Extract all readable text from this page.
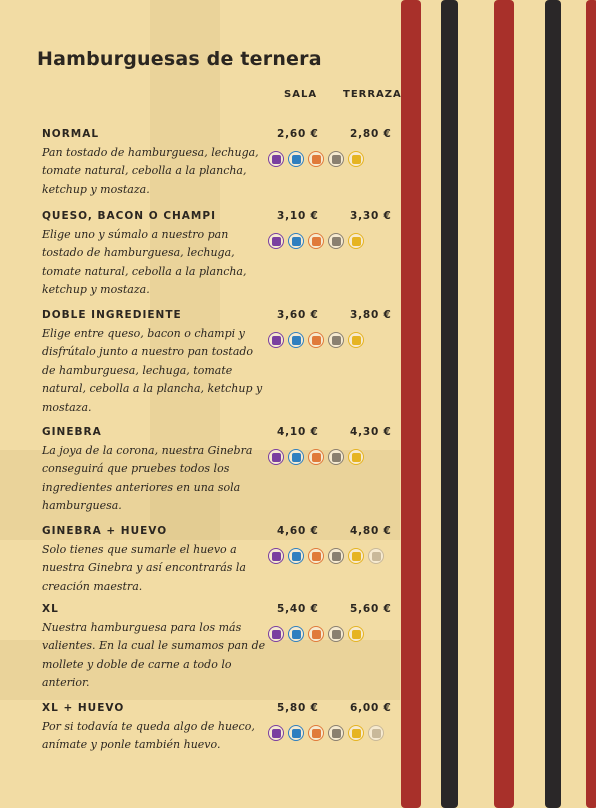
Hamburguesas de ternera
SALA	TERRAZA
NORMAL
Pan tostado de hamburguesa, lechuga, tomate natural, cebolla a la plancha, ketchup y mostaza.
2,60 €	2,80 €
QUESO, BACON O CHAMPI
Elige uno y súmalo a nuestro pan tostado de hamburguesa, lechuga, tomate natural, cebolla a la plancha, ketchup y mostaza.
3,10 €	3,30 €
DOBLE INGREDIENTE
Elige entre queso, bacon o champi y disfrútalo junto a nuestro pan tostado de hamburguesa, lechuga, tomate natural, cebolla a la plancha, ketchup y mostaza.
3,60 €	3,80 €
GINEBRA
La joya de la corona, nuestra Ginebra conseguirá que pruebes todos los ingredientes anteriores en una sola hamburguesa.
4,10 €	4,30 €
GINEBRA + HUEVO
Solo tienes que sumarle el huevo a nuestra Ginebra y así encontrarás la creación maestra.
4,60 €	4,80 €
XL
Nuestra hamburguesa para los más valientes. En la cual le sumamos pan de mollete y doble de carne a todo lo anterior.
5,40 €	5,60 €
XL + HUEVO
Por si todavía te queda algo de hueco, anímate y ponle también huevo.
5,80 €	6,00 €
